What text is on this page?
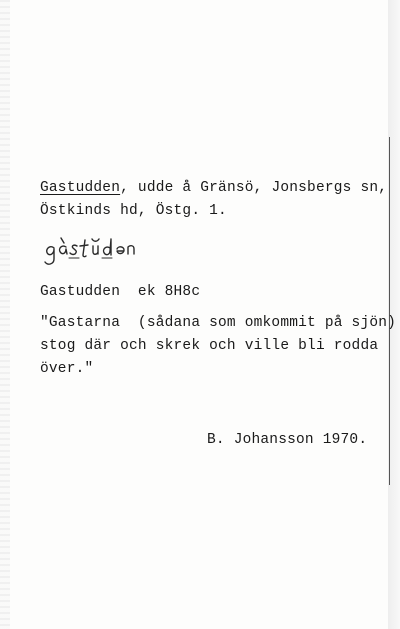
Gastudden, udde å Gränsö, Jonsbergs sn,
Östkinds hd, Östg. 1.
gàstǔdən
Gastudden  ek 8H8c
"Gastarna  (sådana som omkommit på sjön)
stog där och skrek och ville bli rodda
över."
B. Johansson 1970.
